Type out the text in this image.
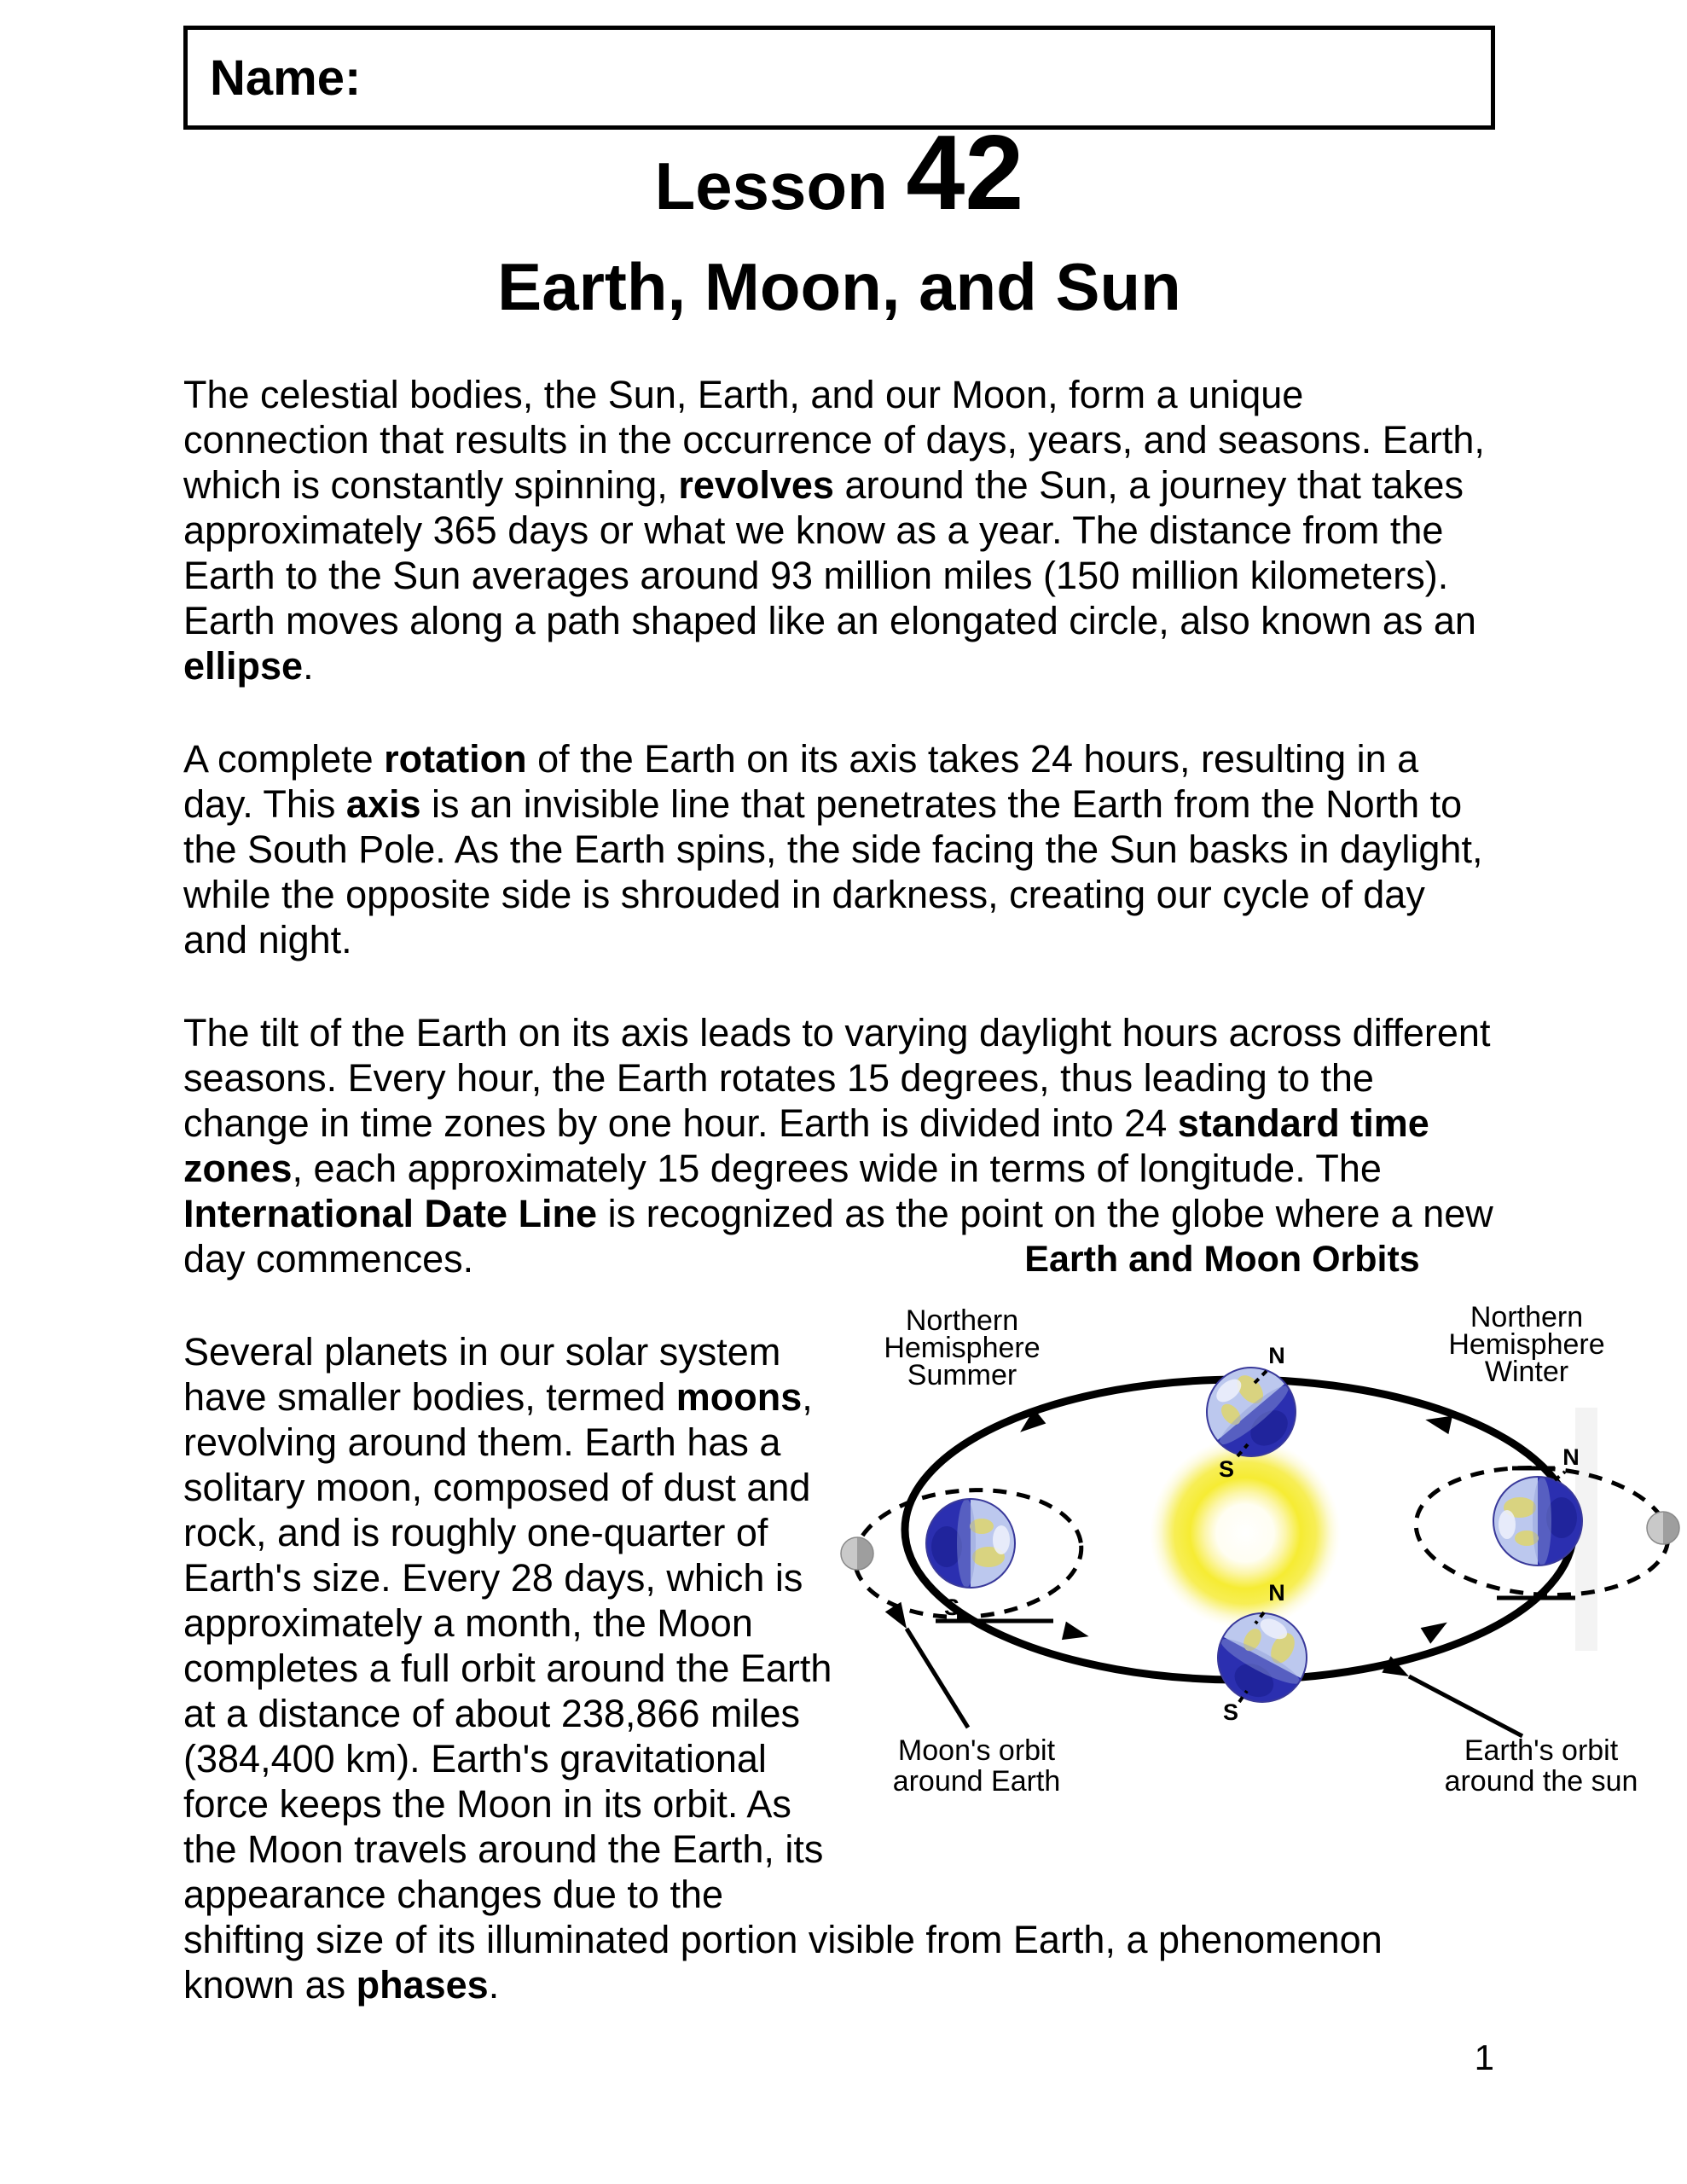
Name:
Lesson 42
Earth, Moon, and Sun

The celestial bodies, the Sun, Earth, and our Moon, form a unique connection that results in the occurrence of days, years, and seasons. Earth, which is constantly spinning, revolves around the Sun, a journey that takes approximately 365 days or what we know as a year. The distance from the Earth to the Sun averages around 93 million miles (150 million kilometers). Earth moves along a path shaped like an elongated circle, also known as an ellipse.

A complete rotation of the Earth on its axis takes 24 hours, resulting in a day. This axis is an invisible line that penetrates the Earth from the North to the South Pole. As the Earth spins, the side facing the Sun basks in daylight, while the opposite side is shrouded in darkness, creating our cycle of day and night.

The tilt of the Earth on its axis leads to varying daylight hours across different seasons. Every hour, the Earth rotates 15 degrees, thus leading to the change in time zones by one hour. Earth is divided into 24 standard time zones, each approximately 15 degrees wide in terms of longitude. The International Date Line is recognized as the point on the globe where a new day commences.	Earth and Moon Orbits
Northern
Hemisphere
Summer
Northern
Hemisphere
Winter
N
S	N
S
N
S
Moon's orbit
around Earth
Earth's orbit
around the sun

Several planets in our solar system have smaller bodies, termed moons, revolving around them. Earth has a solitary moon, composed of dust and rock, and is roughly one-quarter of Earth's size. Every 28 days, which is approximately a month, the Moon completes a full orbit around the Earth at a distance of about 238,866 miles (384,400 km). Earth's gravitational force keeps the Moon in its orbit. As the Moon travels around the Earth, its appearance changes due to the shifting size of its illuminated portion visible from Earth, a phenomenon known as phases.

1
